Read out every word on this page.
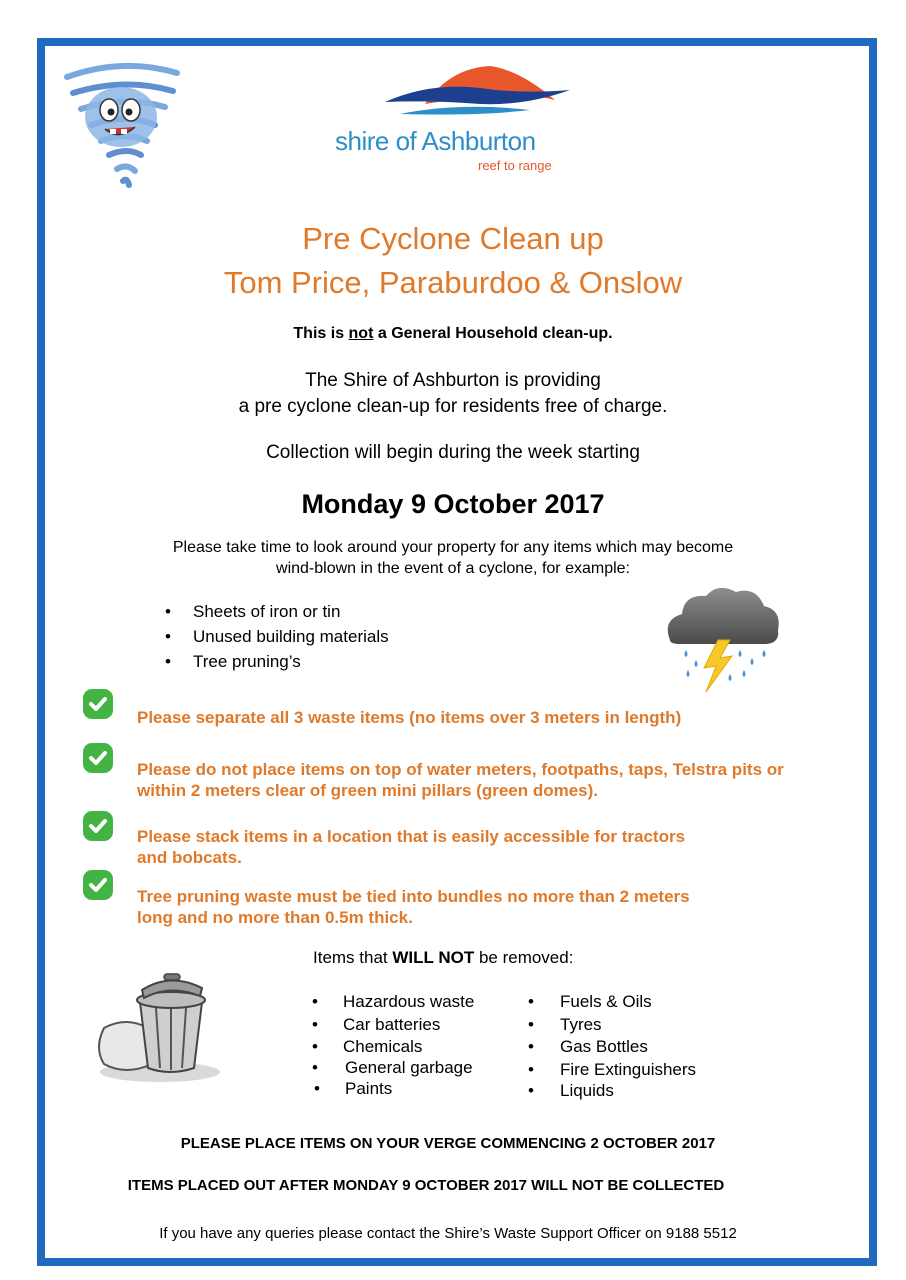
shire of Ashburton
reef to range
Pre Cyclone Clean up
Tom Price, Paraburdoo & Onslow
This is not a General Household clean-up.
The Shire of Ashburton is providing
a pre cyclone clean-up for residents free of charge.
Collection will begin during the week starting
Monday 9 October 2017
Please take time to look around your property for any items which may become
wind-blown in the event of a cyclone, for example:
• Sheets of iron or tin
• Unused building materials
• Tree pruning’s
Please separate all 3 waste items (no items over 3 meters in length)
Please do not place items on top of water meters, footpaths, taps, Telstra pits or
within 2 meters clear of green mini pillars (green domes).
Please stack items in a location that is easily accessible for tractors
and bobcats.
Tree pruning waste must be tied into bundles no more than 2 meters
long and no more than 0.5m thick.
Items that WILL NOT be removed:
• Hazardous waste
• Car batteries
• Chemicals
• General garbage
• Paints
• Fuels & Oils
• Tyres
• Gas Bottles
• Fire Extinguishers
• Liquids
PLEASE PLACE ITEMS ON YOUR VERGE COMMENCING 2 OCTOBER 2017
ITEMS PLACED OUT AFTER MONDAY 9 OCTOBER 2017 WILL NOT BE COLLECTED
If you have any queries please contact the Shire’s Waste Support Officer on 9188 5512
